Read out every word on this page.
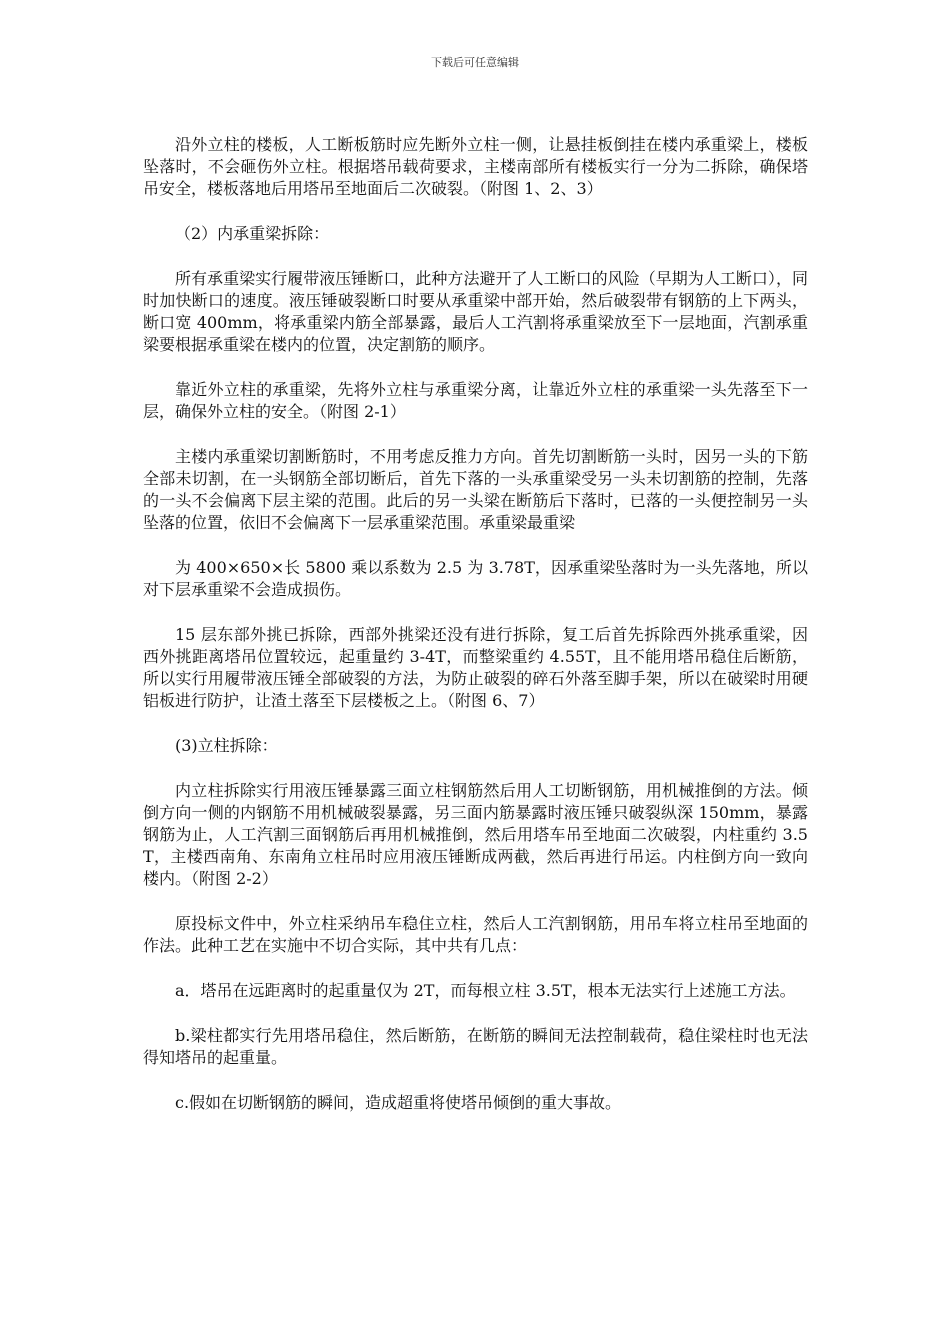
下载后可任意编辑

沿外立柱的楼板，人工断板筋时应先断外立柱一侧，让悬挂板倒挂在楼内承重梁上，楼板坠落时，不会砸伤外立柱。根据塔吊载荷要求，主楼南部所有楼板实行一分为二拆除，确保塔吊安全，楼板落地后用塔吊至地面后二次破裂。（附图 1、2、3）

（2）内承重梁拆除：

所有承重梁实行履带液压锤断口，此种方法避开了人工断口的风险（早期为人工断口），同时加快断口的速度。液压锤破裂断口时要从承重梁中部开始，然后破裂带有钢筋的上下两头，断口宽 400mm，将承重梁内筋全部暴露，最后人工汽割将承重梁放至下一层地面，汽割承重梁要根据承重梁在楼内的位置，决定割筋的顺序。

靠近外立柱的承重梁，先将外立柱与承重梁分离，让靠近外立柱的承重梁一头先落至下一层，确保外立柱的安全。（附图 2-1）

主楼内承重梁切割断筋时，不用考虑反推力方向。首先切割断筋一头时，因另一头的下筋全部未切割，在一头钢筋全部切断后，首先下落的一头承重梁受另一头未切割筋的控制，先落的一头不会偏离下层主梁的范围。此后的另一头梁在断筋后下落时，已落的一头便控制另一头坠落的位置，依旧不会偏离下一层承重梁范围。承重梁最重梁

为 400×650×长 5800 乘以系数为 2.5 为 3.78T，因承重梁坠落时为一头先落地，所以对下层承重梁不会造成损伤。

15 层东部外挑已拆除，西部外挑梁还没有进行拆除，复工后首先拆除西外挑承重梁，因西外挑距离塔吊位置较远，起重量约 3-4T，而整梁重约 4.55T，且不能用塔吊稳住后断筋，所以实行用履带液压锤全部破裂的方法，为防止破裂的碎石外落至脚手架，所以在破梁时用硬铝板进行防护，让渣土落至下层楼板之上。（附图 6、7）

(3)立柱拆除：

内立柱拆除实行用液压锤暴露三面立柱钢筋然后用人工切断钢筋，用机械推倒的方法。倾倒方向一侧的内钢筋不用机械破裂暴露，另三面内筋暴露时液压锤只破裂纵深 150mm，暴露钢筋为止，人工汽割三面钢筋后再用机械推倒，然后用塔车吊至地面二次破裂，内柱重约 3.5T，主楼西南角、东南角立柱吊时应用液压锤断成两截，然后再进行吊运。内柱倒方向一致向楼内。（附图 2-2）

原投标文件中，外立柱采纳吊车稳住立柱，然后人工汽割钢筋，用吊车将立柱吊至地面的作法。此种工艺在实施中不切合实际，其中共有几点：

a．塔吊在远距离时的起重量仅为 2T，而每根立柱 3.5T，根本无法实行上述施工方法。

b.梁柱都实行先用塔吊稳住，然后断筋，在断筋的瞬间无法控制载荷，稳住梁柱时也无法得知塔吊的起重量。

c.假如在切断钢筋的瞬间，造成超重将使塔吊倾倒的重大事故。
